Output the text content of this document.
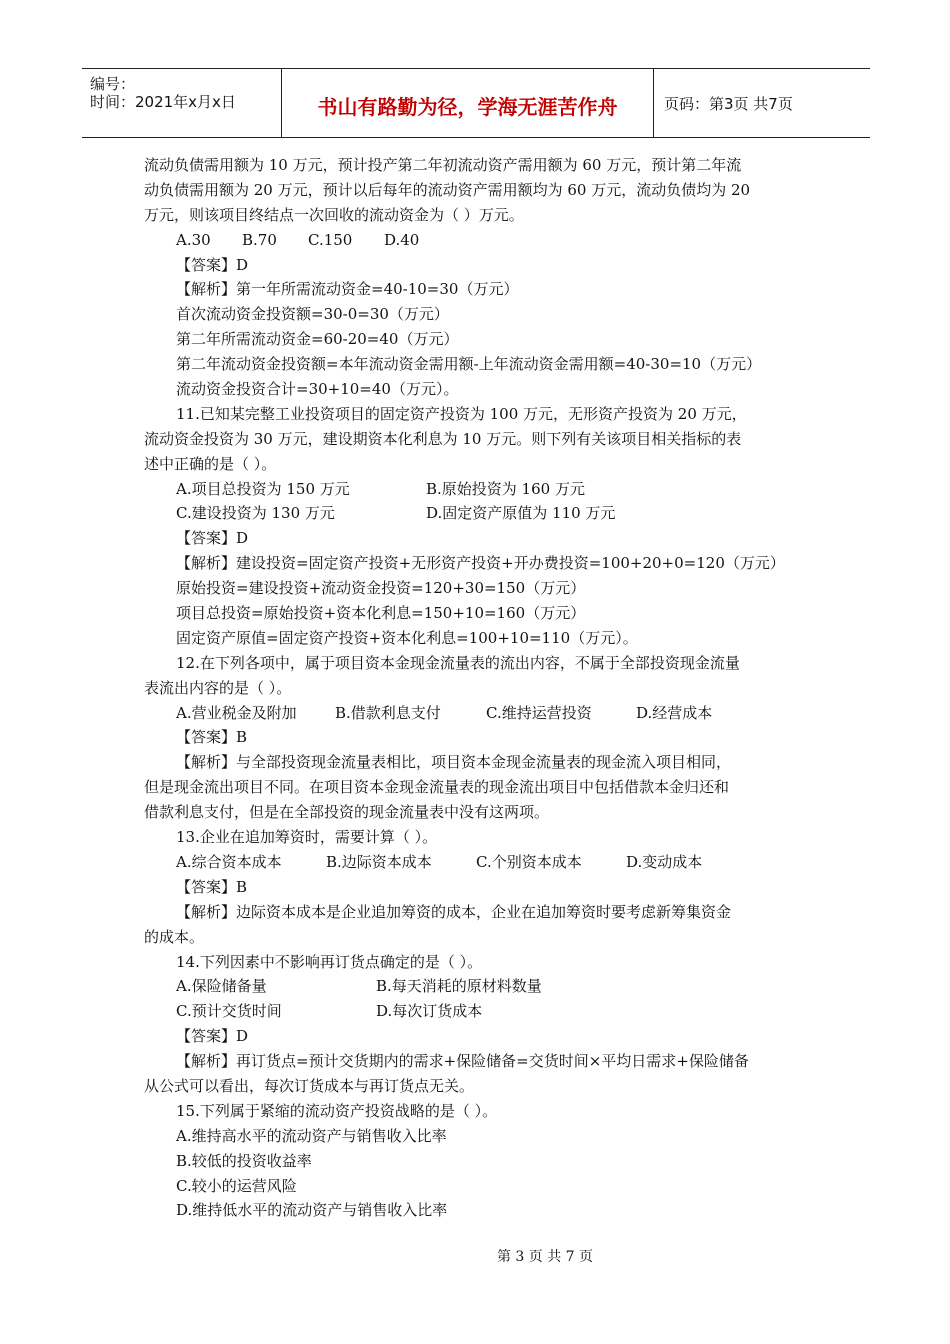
编号：
时间：2021年x月x日	书山有路勤为径，学海无涯苦作舟	页码：第3页 共7页
流动负债需用额为 10 万元，预计投产第二年初流动资产需用额为 60 万元，预计第二年流
动负债需用额为 20 万元，预计以后每年的流动资产需用额均为 60 万元，流动负债均为 20
万元，则该项目终结点一次回收的流动资金为（ ）万元。
A.30	B.70	C.150	D.40
【答案】D
【解析】第一年所需流动资金=40-10=30（万元）
首次流动资金投资额=30-0=30（万元）
第二年所需流动资金=60-20=40（万元）
第二年流动资金投资额=本年流动资金需用额-上年流动资金需用额=40-30=10（万元）
流动资金投资合计=30+10=40（万元）。
11.已知某完整工业投资项目的固定资产投资为 100 万元，无形资产投资为 20 万元，
流动资金投资为 30 万元，建设期资本化利息为 10 万元。则下列有关该项目相关指标的表
述中正确的是（ ）。
A.项目总投资为 150 万元	B.原始投资为 160 万元
C.建设投资为 130 万元	D.固定资产原值为 110 万元
【答案】D
【解析】建设投资=固定资产投资+无形资产投资+开办费投资=100+20+0=120（万元）
原始投资=建设投资+流动资金投资=120+30=150（万元）
项目总投资=原始投资+资本化利息=150+10=160（万元）
固定资产原值=固定资产投资+资本化利息=100+10=110（万元）。
12.在下列各项中，属于项目资本金现金流量表的流出内容，不属于全部投资现金流量
表流出内容的是（ ）。
A.营业税金及附加	B.借款利息支付	C.维持运营投资	D.经营成本
【答案】B
【解析】与全部投资现金流量表相比，项目资本金现金流量表的现金流入项目相同，
但是现金流出项目不同。在项目资本金现金流量表的现金流出项目中包括借款本金归还和
借款利息支付，但是在全部投资的现金流量表中没有这两项。
13.企业在追加筹资时，需要计算（ ）。
A.综合资本成本	B.边际资本成本	C.个别资本成本	D.变动成本
【答案】B
【解析】边际资本成本是企业追加筹资的成本，企业在追加筹资时要考虑新筹集资金
的成本。
14.下列因素中不影响再订货点确定的是（ ）。
A.保险储备量	B.每天消耗的原材料数量
C.预计交货时间	D.每次订货成本
【答案】D
【解析】再订货点=预计交货期内的需求+保险储备=交货时间×平均日需求+保险储备
从公式可以看出，每次订货成本与再订货点无关。
15.下列属于紧缩的流动资产投资战略的是（ ）。
A.维持高水平的流动资产与销售收入比率
B.较低的投资收益率
C.较小的运营风险
D.维持低水平的流动资产与销售收入比率
第 3 页 共 7 页
